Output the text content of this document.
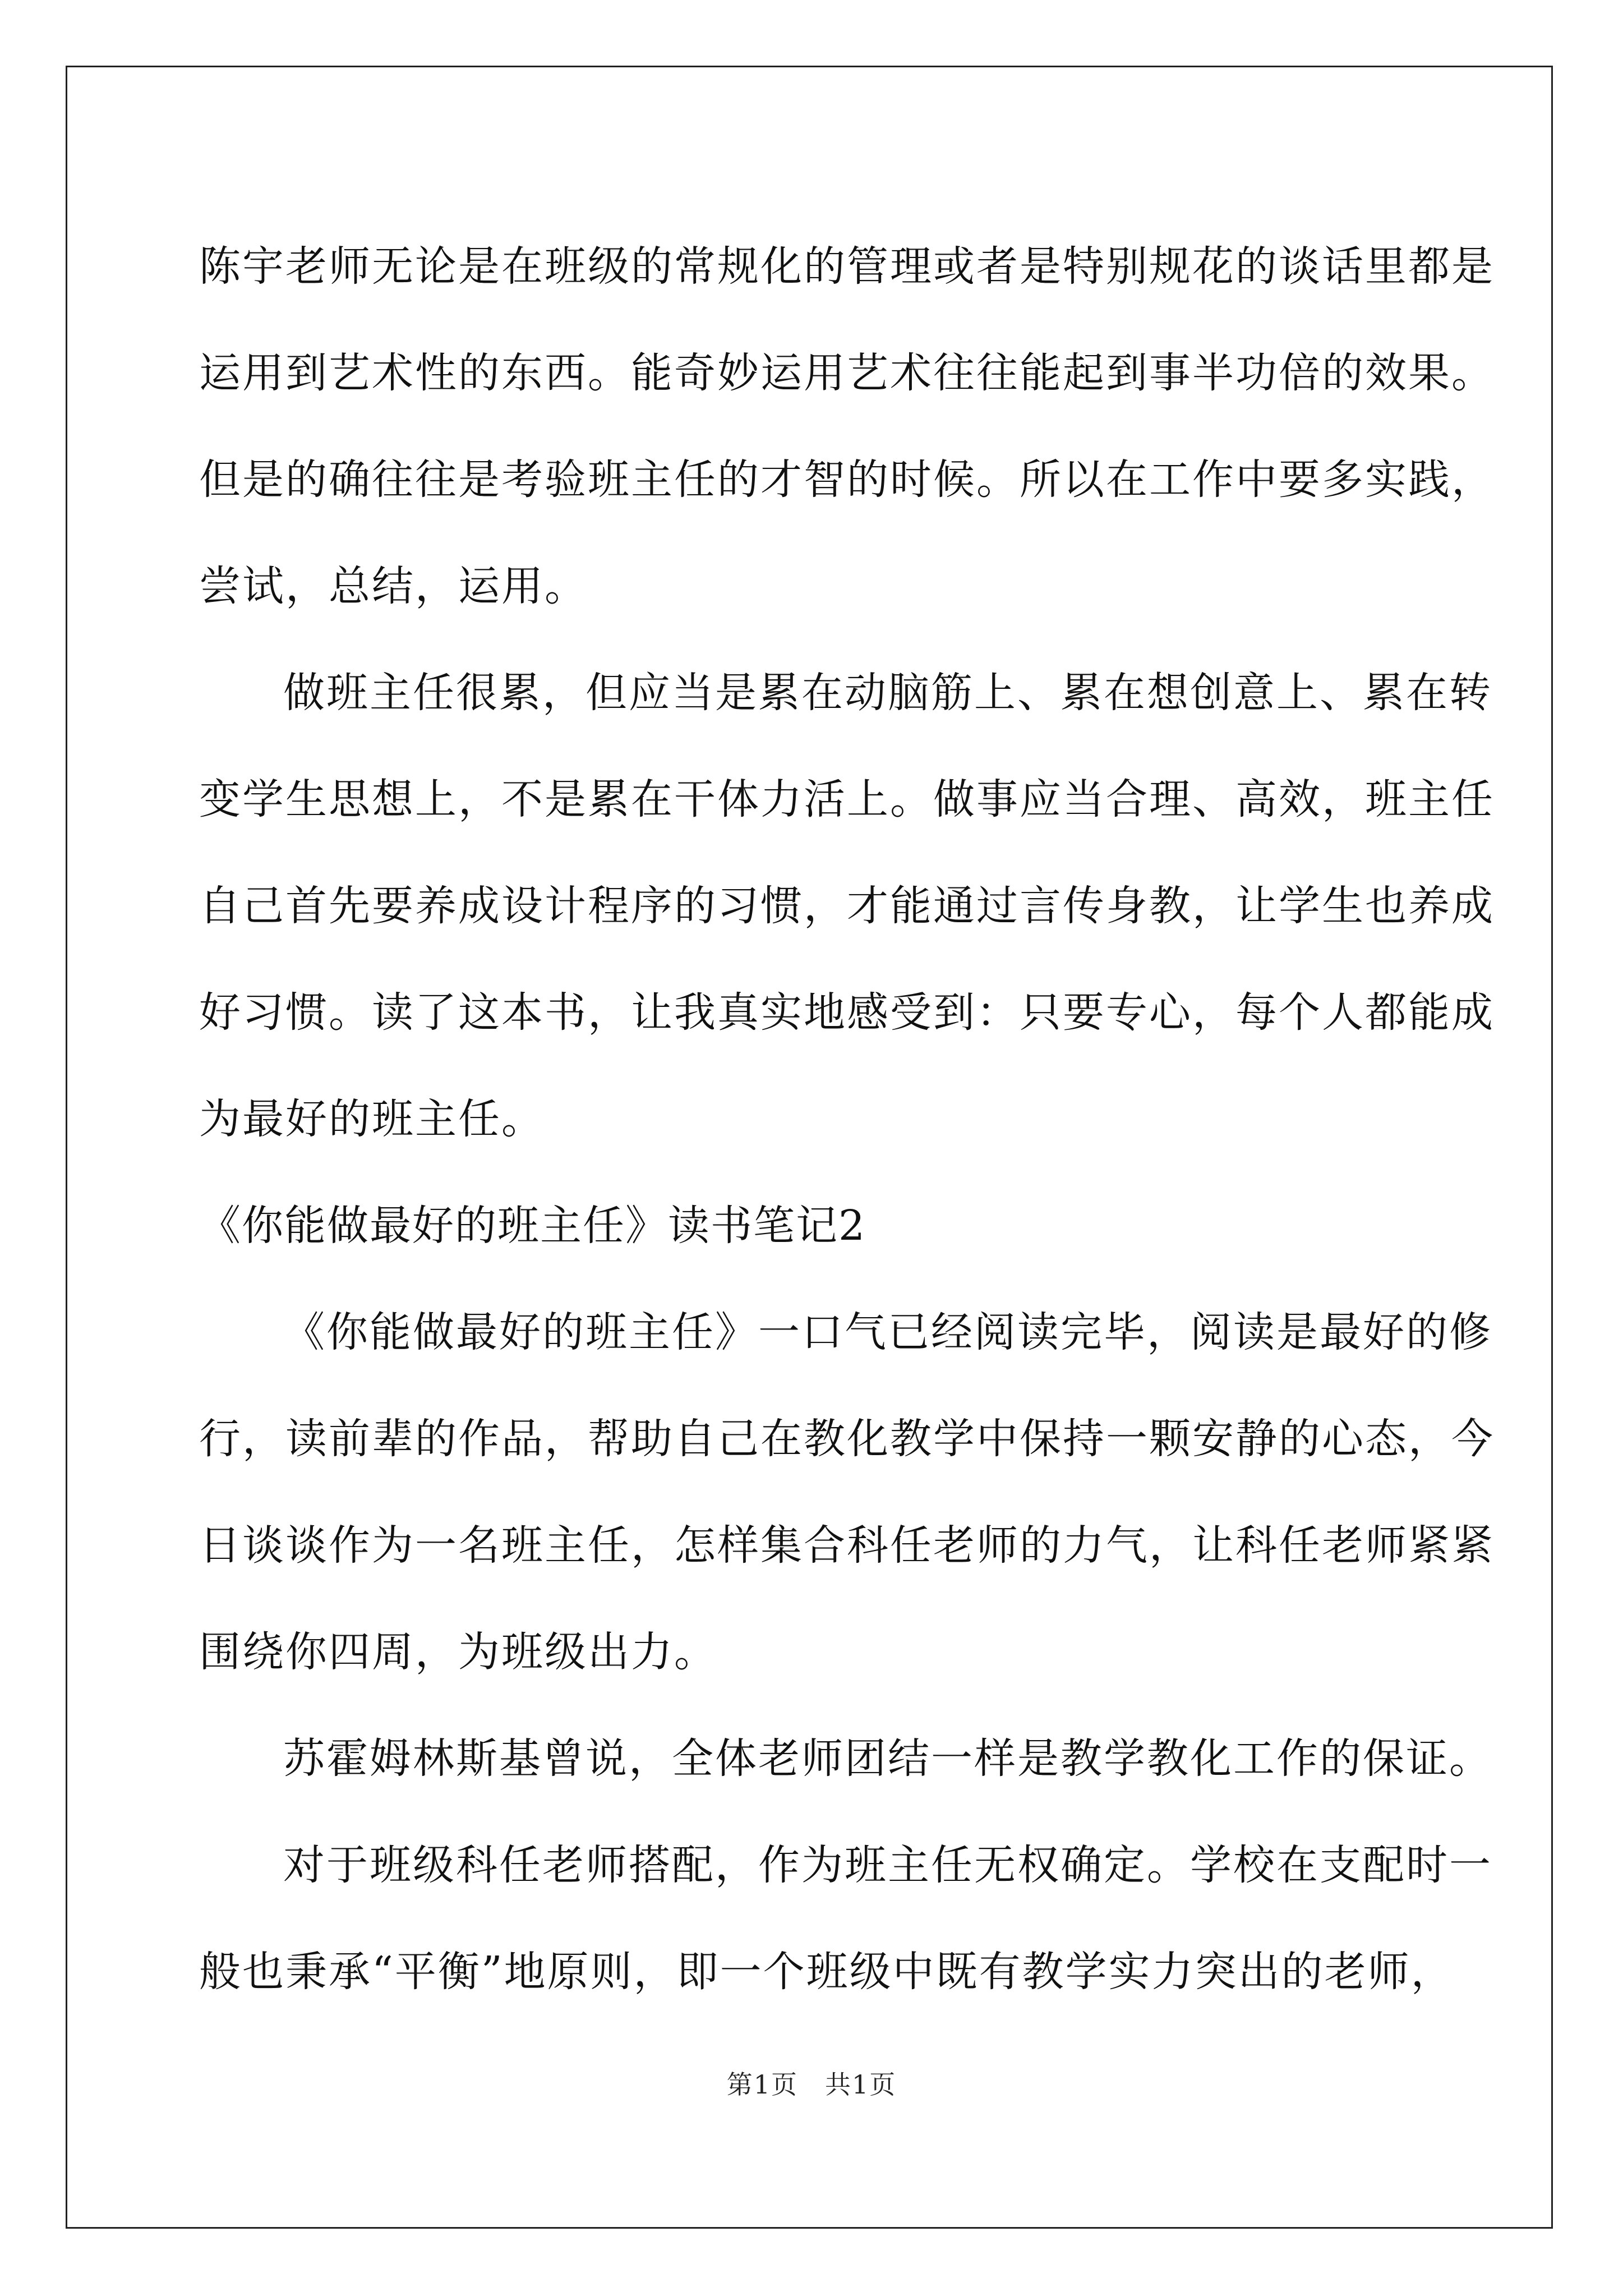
陈宇老师无论是在班级的常规化的管理或者是特别规花的谈话里都是
运用到艺术性的东西。能奇妙运用艺术往往能起到事半功倍的效果。
但是的确往往是考验班主任的才智的时候。所以在工作中要多实践，
尝试，总结，运用。
做班主任很累，但应当是累在动脑筋上、累在想创意上、累在转
变学生思想上，不是累在干体力活上。做事应当合理、高效，班主任
自己首先要养成设计程序的习惯，才能通过言传身教，让学生也养成
好习惯。读了这本书，让我真实地感受到：只要专心，每个人都能成
为最好的班主任。
《你能做最好的班主任》读书笔记2
《你能做最好的班主任》一口气已经阅读完毕，阅读是最好的修
行，读前辈的作品，帮助自己在教化教学中保持一颗安静的心态，今
日谈谈作为一名班主任，怎样集合科任老师的力气，让科任老师紧紧
围绕你四周，为班级出力。
苏霍姆林斯基曾说，全体老师团结一样是教学教化工作的保证。
对于班级科任老师搭配，作为班主任无权确定。学校在支配时一
般也秉承“平衡”地原则，即一个班级中既有教学实力突出的老师，
第1页　共1页
